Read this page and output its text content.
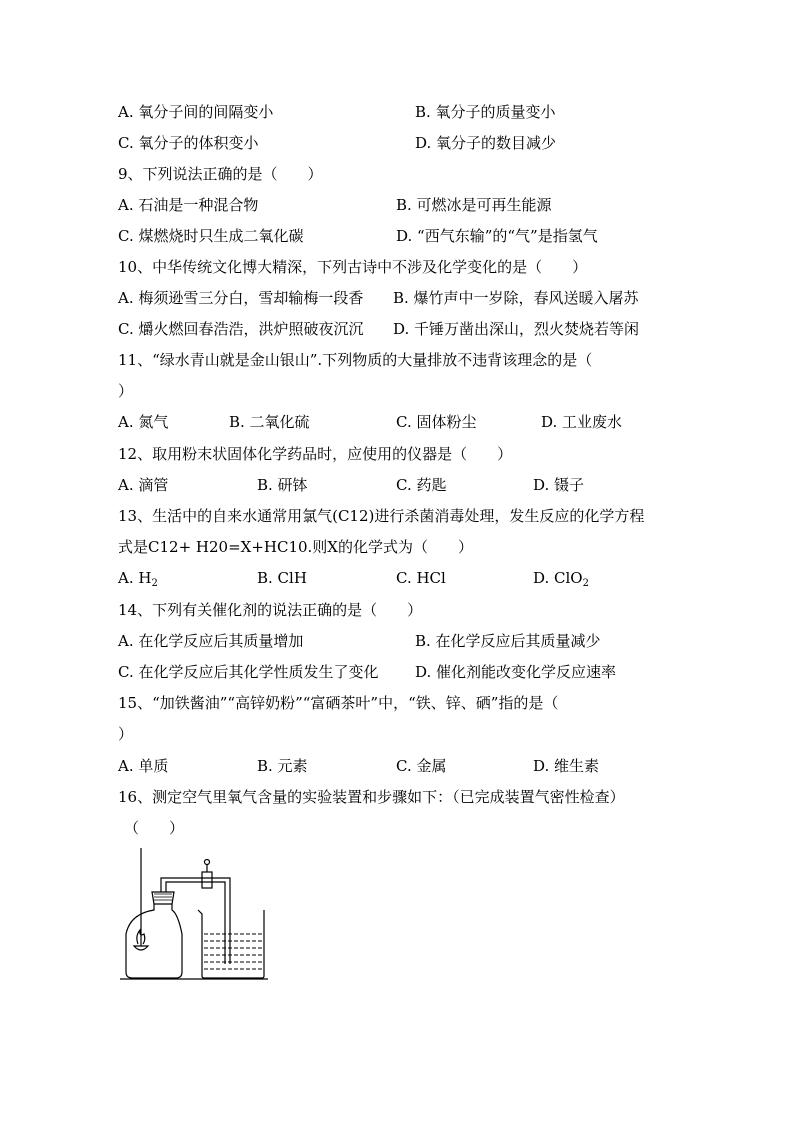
A. 氧分子间的间隔变小	B. 氧分子的质量变小
C. 氧分子的体积变小	D. 氧分子的数目减少
9、下列说法正确的是（　　）
A. 石油是一种混合物	B. 可燃冰是可再生能源
C. 煤燃烧时只生成二氧化碳	D. “西气东输”的“气”是指氢气
10、中华传统文化博大精深，下列古诗中不涉及化学变化的是（　　）
A. 梅须逊雪三分白，雪却输梅一段香 B. 爆竹声中一岁除，春风送暖入屠苏
C. 爝火燃回春浩浩，洪炉照破夜沉沉 D. 千锤万凿出深山，烈火焚烧若等闲
11、“绿水青山就是金山银山”.下列物质的大量排放不违背该理念的是（
）
A. 氮气	B. 二氧化硫	C. 固体粉尘	D. 工业废水
12、取用粉末状固体化学药品时，应使用的仪器是（　　）
A. 滴管	B. 研钵	C. 药匙	D. 镊子
13、生活中的自来水通常用氯气(C12)进行杀菌消毒处理，发生反应的化学方程
式是C12+ H20=X+HC10.则X的化学式为（　　）
A. $H_2$	B. ClH	C. HCl	D. ClO$_2$
14、下列有关催化剂的说法正确的是（　　）
A. 在化学反应后其质量增加	B. 在化学反应后其质量减少
C. 在化学反应后其化学性质发生了变化 D. 催化剂能改变化学反应速率
15、“加铁酱油”“高锌奶粉”“富硒茶叶”中，“铁、锌、硒”指的是（
）
A. 单质	B. 元素	C. 金属	D. 维生素
16、测定空气里氧气含量的实验装置和步骤如下：（已完成装置气密性检查）
（　　）
